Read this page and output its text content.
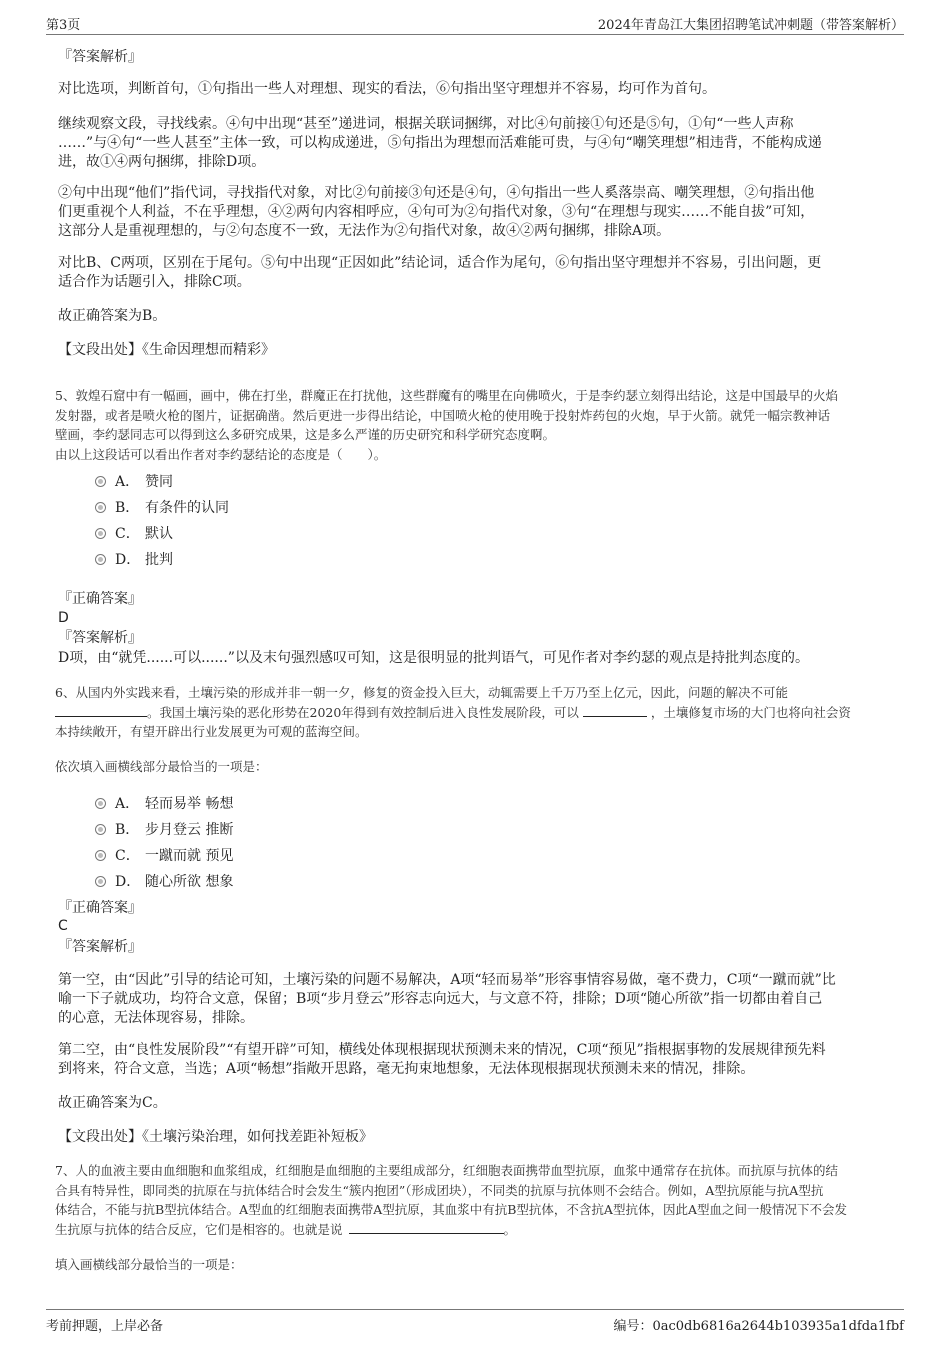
第3页	2024年青岛江大集团招聘笔试冲刺题（带答案解析）
『答案解析』
对比选项，判断首句，①句指出一些人对理想、现实的看法，⑥句指出坚守理想并不容易，均可作为首句。
继续观察文段，寻找线索。④句中出现“甚至”递进词，根据关联词捆绑，对比④句前接①句还是⑤句，①句“一些人声称
……”与④句“一些人甚至”主体一致，可以构成递进，⑤句指出为理想而活难能可贵，与④句“嘲笑理想”相违背，不能构成递
进，故①④两句捆绑，排除D项。
②句中出现“他们”指代词，寻找指代对象，对比②句前接③句还是④句，④句指出一些人奚落崇高、嘲笑理想，②句指出他
们更重视个人利益，不在乎理想，④②两句内容相呼应，④句可为②句指代对象，③句“在理想与现实……不能自拔”可知，
这部分人是重视理想的，与②句态度不一致，无法作为②句指代对象，故④②两句捆绑，排除A项。
对比B、C两项，区别在于尾句。⑤句中出现“正因如此”结论词，适合作为尾句，⑥句指出坚守理想并不容易，引出问题，更
适合作为话题引入，排除C项。
故正确答案为B。
【文段出处】《生命因理想而精彩》
5、敦煌石窟中有一幅画，画中，佛在打坐，群魔正在打扰他，这些群魔有的嘴里在向佛喷火，于是李约瑟立刻得出结论，这是中国最早的火焰
发射器，或者是喷火枪的图片，证据确凿。然后更进一步得出结论，中国喷火枪的使用晚于投射炸药包的火炮，早于火箭。就凭一幅宗教神话
壁画，李约瑟同志可以得到这么多研究成果，这是多么严谨的历史研究和科学研究态度啊。
由以上这段话可以看出作者对李约瑟结论的态度是（　　）。
A． 赞同
B． 有条件的认同
C． 默认
D． 批判
『正确答案』
D
『答案解析』
D项，由“就凭......可以......”以及末句强烈感叹可知，这是很明显的批判语气，可见作者对李约瑟的观点是持批判态度的。
6、从国内外实践来看，土壤污染的形成并非一朝一夕，修复的资金投入巨大，动辄需要上千万乃至上亿元，因此，问题的解决不可能
。我国土壤污染的恶化形势在2020年得到有效控制后进入良性发展阶段，可以	，土壤修复市场的大门也将向社会资
本持续敞开，有望开辟出行业发展更为可观的蓝海空间。
依次填入画横线部分最恰当的一项是：
A． 轻而易举 畅想
B． 步月登云 推断
C． 一蹴而就 预见
D． 随心所欲 想象
『正确答案』
C
『答案解析』
第一空，由“因此”引导的结论可知，土壤污染的问题不易解决，A项“轻而易举”形容事情容易做，毫不费力，C项“一蹴而就”比
喻一下子就成功，均符合文意，保留；B项“步月登云”形容志向远大，与文意不符，排除；D项“随心所欲”指一切都由着自己
的心意，无法体现容易，排除。
第二空，由“良性发展阶段”“有望开辟”可知，横线处体现根据现状预测未来的情况，C项“预见”指根据事物的发展规律预先料
到将来，符合文意，当选；A项“畅想”指敞开思路，毫无拘束地想象，无法体现根据现状预测未来的情况，排除。
故正确答案为C。
【文段出处】《土壤污染治理，如何找差距补短板》
7、人的血液主要由血细胞和血浆组成，红细胞是血细胞的主要组成部分，红细胞表面携带血型抗原，血浆中通常存在抗体。而抗原与抗体的结
合具有特异性，即同类的抗原在与抗体结合时会发生“簇内抱团”（形成团块），不同类的抗原与抗体则不会结合。例如，A型抗原能与抗A型抗
体结合，不能与抗B型抗体结合。A型血的红细胞表面携带A型抗原，其血浆中有抗B型抗体，不含抗A型抗体，因此A型血之间一般情况下不会发
生抗原与抗体的结合反应，它们是相容的。也就是说	。
填入画横线部分最恰当的一项是：
考前押题，上岸必备	编号：0ac0db6816a2644b103935a1dfda1fbf
